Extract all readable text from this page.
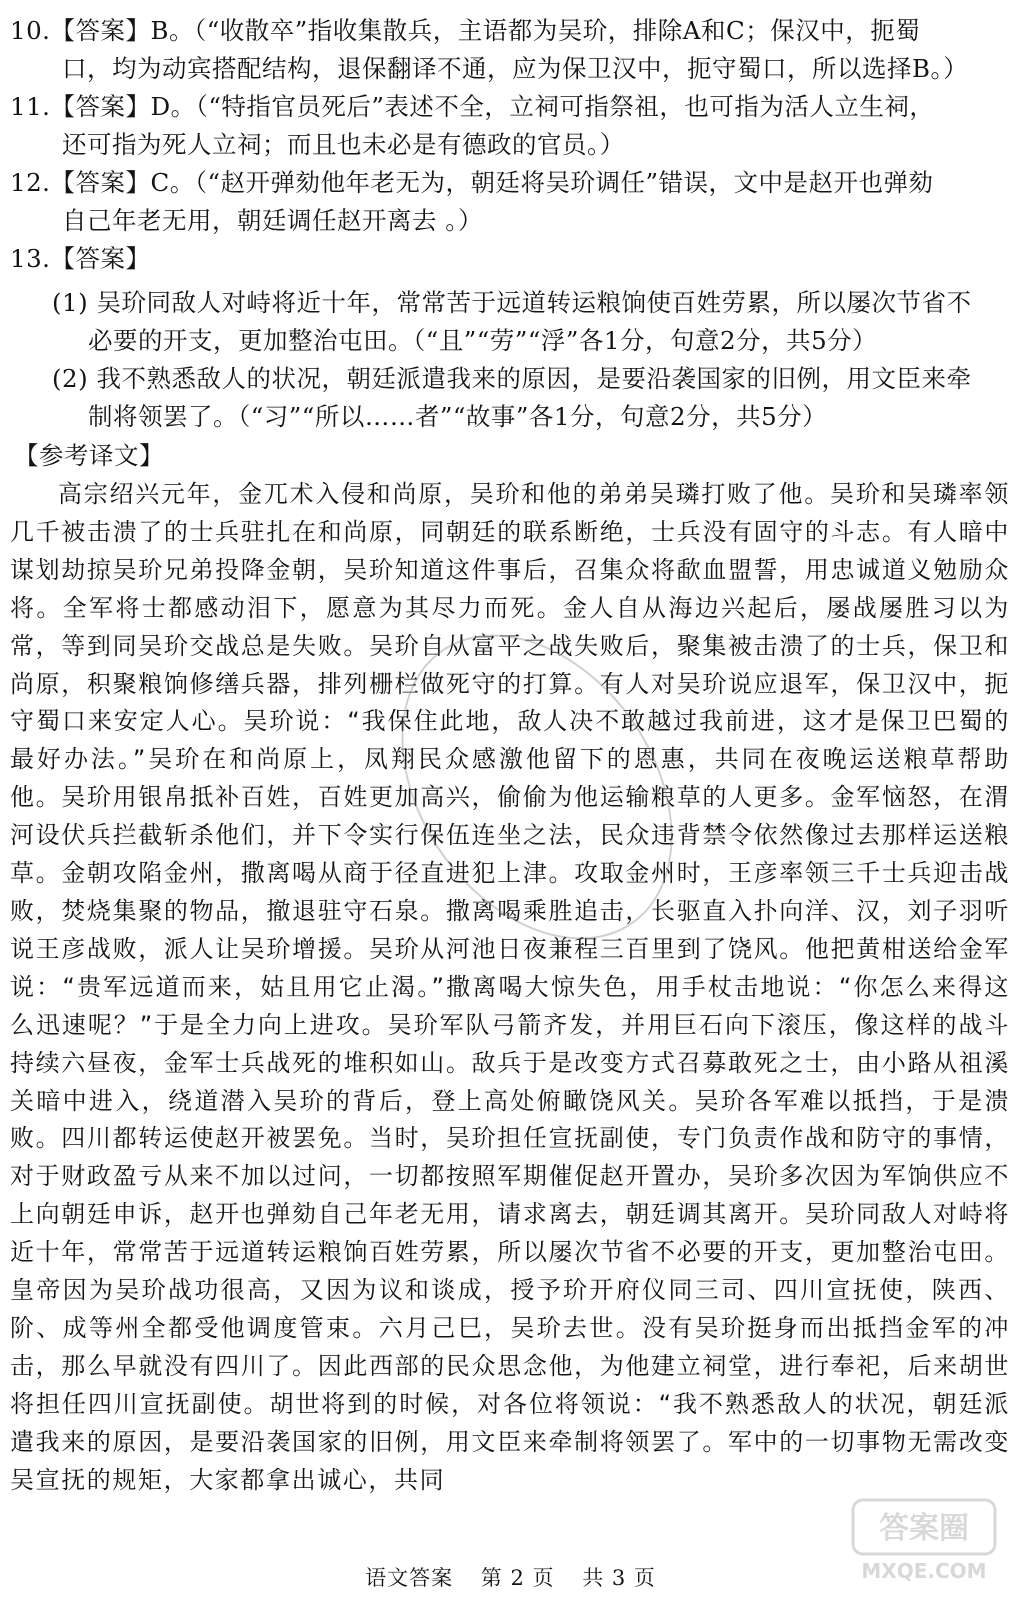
10.【答案】B。（“收散卒”指收集散兵，主语都为吴玠，排除A和C；保汉中，扼蜀
口，均为动宾搭配结构，退保翻译不通，应为保卫汉中，扼守蜀口，所以选择B。）

11.【答案】D。（“特指官员死后”表述不全，立祠可指祭祖，也可指为活人立生祠，
还可指为死人立祠；而且也未必是有德政的官员。）

12.【答案】C。（“赵开弹劾他年老无为，朝廷将吴玠调任”错误，文中是赵开也弹劾
自己年老无用，朝廷调任赵开离去 。）

13.【答案】

(1) 吴玠同敌人对峙将近十年，常常苦于远道转运粮饷使百姓劳累，所以屡次节省不
必要的开支，更加整治屯田。（“且”“劳”“浮”各1分，句意2分，共5分）
(2) 我不熟悉敌人的状况，朝廷派遣我来的原因，是要沿袭国家的旧例，用文臣来牵
制将领罢了。（“习”“所以……者”“故事”各1分，句意2分，共5分）
【参考译文】

高宗绍兴元年，金兀术入侵和尚原，吴玠和他的弟弟吴璘打败了他。吴玠和吴璘率领几千被击溃了的士兵驻扎在和尚原，同朝廷的联系断绝，士兵没有固守的斗志。有人暗中谋划劫掠吴玠兄弟投降金朝，吴玠知道这件事后，召集众将歃血盟誓，用忠诚道义勉励众将。全军将士都感动泪下，愿意为其尽力而死。金人自从海边兴起后，屡战屡胜习以为常，等到同吴玠交战总是失败。吴玠自从富平之战失败后，聚集被击溃了的士兵，保卫和尚原，积聚粮饷修缮兵器，排列栅栏做死守的打算。有人对吴玠说应退军，保卫汉中，扼守蜀口来安定人心。吴玠说：“我保住此地，敌人决不敢越过我前进，这才是保卫巴蜀的最好办法。”吴玠在和尚原上，凤翔民众感激他留下的恩惠，共同在夜晚运送粮草帮助他。吴玠用银帛抵补百姓，百姓更加高兴，偷偷为他运输粮草的人更多。金军恼怒，在渭河设伏兵拦截斩杀他们，并下令实行保伍连坐之法，民众违背禁令依然像过去那样运送粮草。金朝攻陷金州，撒离喝从商于径直进犯上津。攻取金州时，王彦率领三千士兵迎击战败，焚烧集聚的物品，撤退驻守石泉。撒离喝乘胜追击，长驱直入扑向洋、汉，刘子羽听说王彦战败，派人让吴玠增援。吴玠从河池日夜兼程三百里到了饶风。他把黄柑送给金军说：“贵军远道而来，姑且用它止渴。”撒离喝大惊失色，用手杖击地说：“你怎么来得这么迅速呢？”于是全力向上进攻。吴玠军队弓箭齐发，并用巨石向下滚压，像这样的战斗持续六昼夜，金军士兵战死的堆积如山。敌兵于是改变方式召募敢死之士，由小路从祖溪关暗中进入，绕道潜入吴玠的背后，登上高处俯瞰饶风关。吴玠各军难以抵挡，于是溃败。四川都转运使赵开被罢免。当时，吴玠担任宣抚副使，专门负责作战和防守的事情，对于财政盈亏从来不加以过问，一切都按照军期催促赵开置办，吴玠多次因为军饷供应不上向朝廷申诉，赵开也弹劾自己年老无用，请求离去，朝廷调其离开。吴玠同敌人对峙将近十年，常常苦于远道转运粮饷百姓劳累，所以屡次节省不必要的开支，更加整治屯田。皇帝因为吴玠战功很高，又因为议和谈成，授予玠开府仪同三司、四川宣抚使，陕西、阶、成等州全都受他调度管束。六月己巳，吴玠去世。没有吴玠挺身而出抵挡金军的冲击，那么早就没有四川了。因此西部的民众思念他，为他建立祠堂，进行奉祀，后来胡世将担任四川宣抚副使。胡世将到的时候，对各位将领说：“我不熟悉敌人的状况，朝廷派遣我来的原因，是要沿袭国家的旧例，用文臣来牵制将领罢了。军中的一切事物无需改变吴宣抚的规矩，大家都拿出诚心，共同

答案圈
MXQE.COM
语文答案 第 2 页 共 3 页
